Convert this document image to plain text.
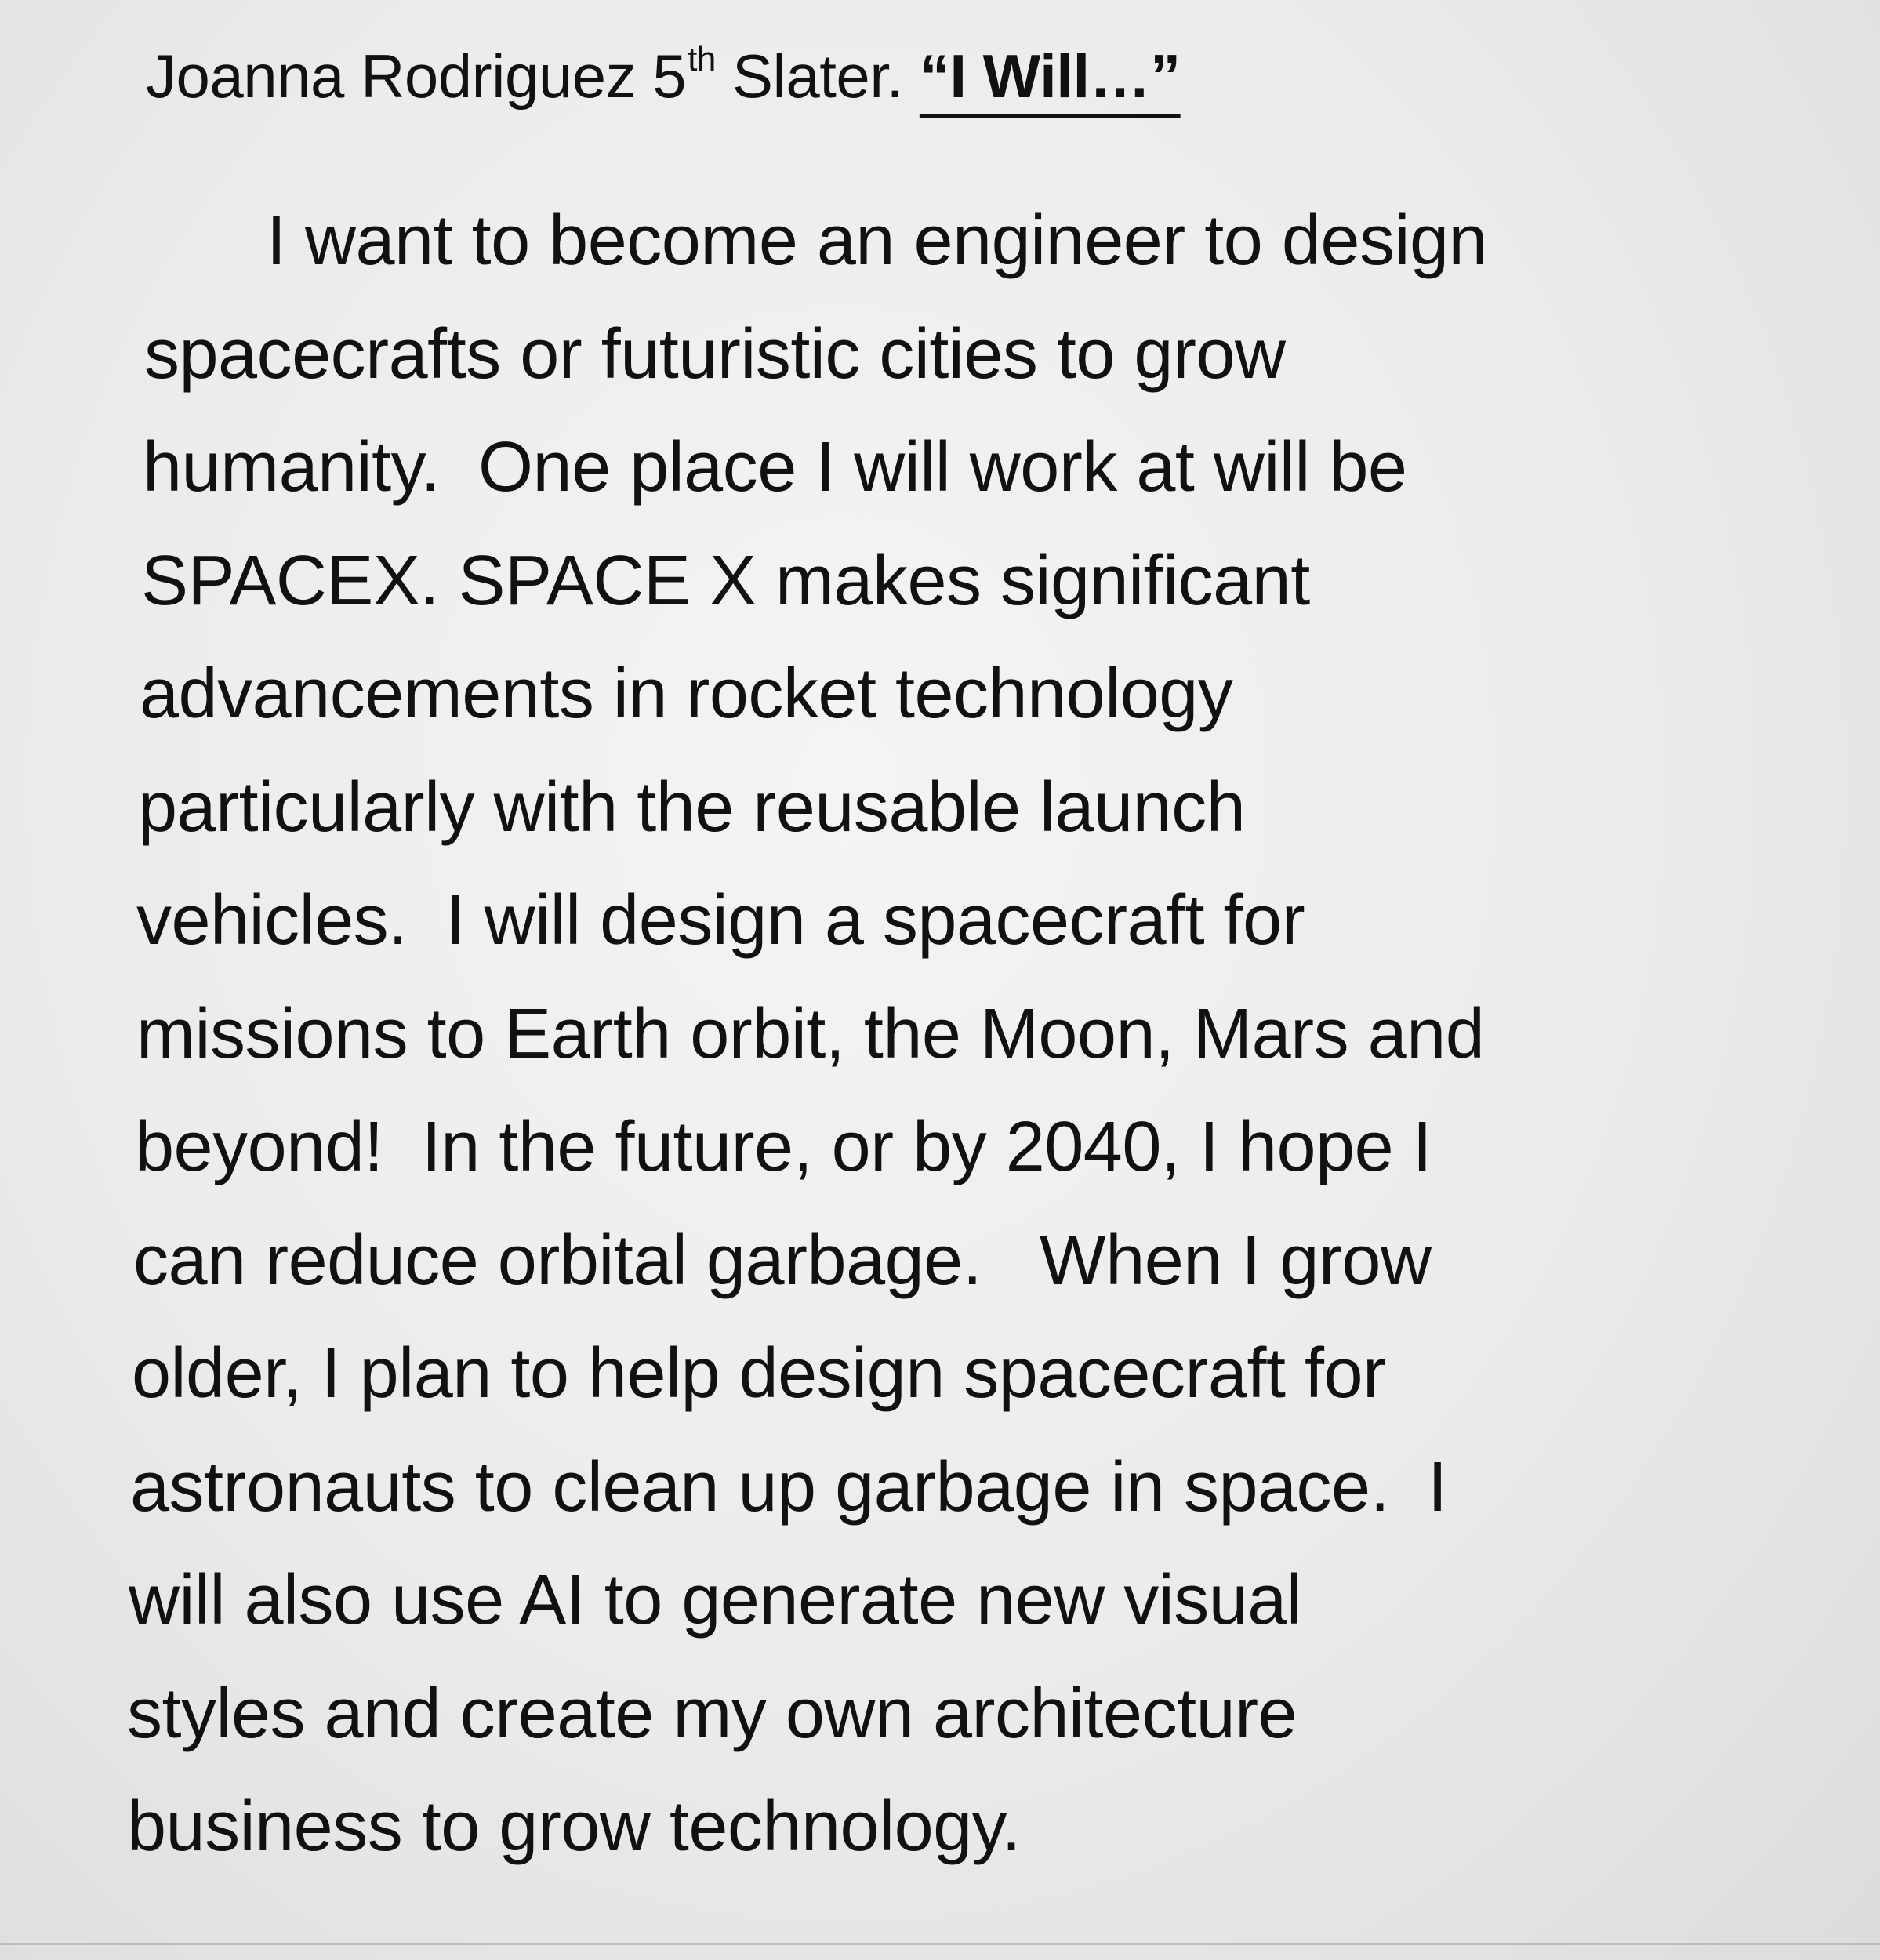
Joanna Rodriguez 5th Slater. “I Will…”
I want to become an engineer to design
spacecrafts or futuristic cities to grow
humanity.  One place I will work at will be
SPACEX. SPACE X makes significant
advancements in rocket technology
particularly with the reusable launch
vehicles.  I will design a spacecraft for
missions to Earth orbit, the Moon, Mars and
beyond!  In the future, or by 2040, I hope I
can reduce orbital garbage.   When I grow
older, I plan to help design spacecraft for
astronauts to clean up garbage in space.  I
will also use AI to generate new visual
styles and create my own architecture
business to grow technology.
